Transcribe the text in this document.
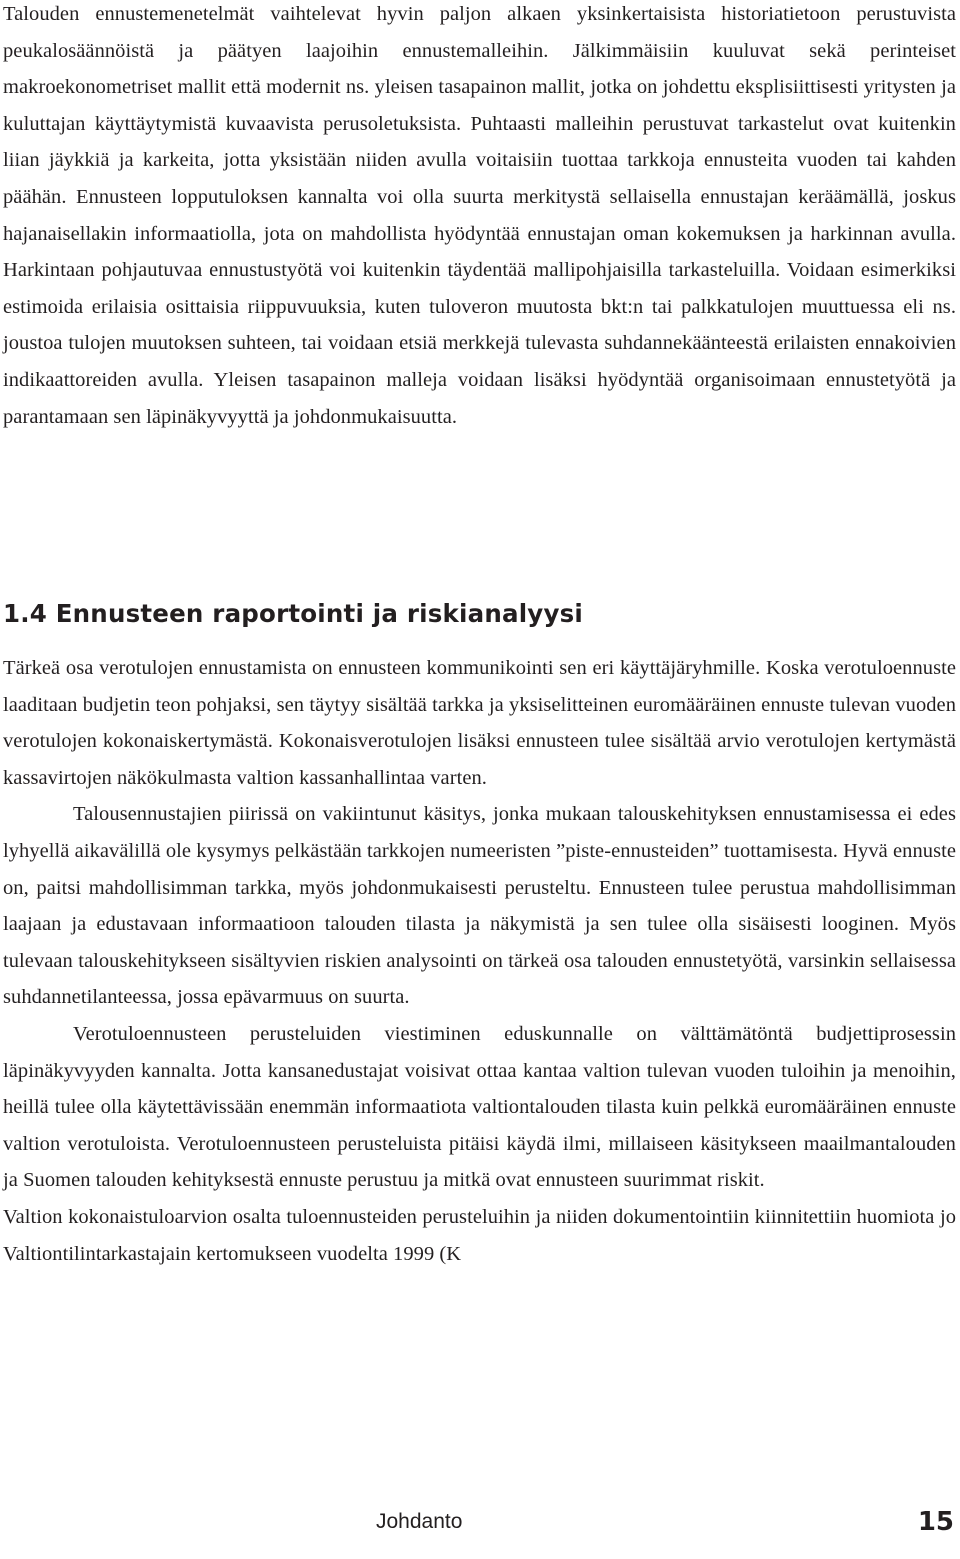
Talouden ennustemenetelmät vaihtelevat hyvin paljon alkaen yksinkertaisista historiatietoon perustuvista peukalosäännöistä ja päätyen laajoihin ennustemalleihin. Jälkimmäisiin kuuluvat sekä perinteiset makroekonometriset mallit että modernit ns. yleisen tasapainon mallit, jotka on johdettu eksplisiittisesti yritysten ja kuluttajan käyttäytymistä kuvaavista perusoletuksista. Puhtaasti malleihin perustuvat tarkastelut ovat kuitenkin liian jäykkiä ja karkeita, jotta yksistään niiden avulla voitaisiin tuottaa tarkkoja ennusteita vuoden tai kahden päähän. Ennusteen lopputuloksen kannalta voi olla suurta merkitystä sellaisella ennustajan keräämällä, joskus hajanaisellakin informaatiolla, jota on mahdollista hyödyntää ennustajan oman kokemuksen ja harkinnan avulla. Harkintaan pohjautuvaa ennustustyötä voi kuitenkin täydentää mallipohjaisilla tarkasteluilla. Voidaan esimerkiksi estimoida erilaisia osittaisia riippuvuuksia, kuten tuloveron muutosta bkt:n tai palkkatulojen muuttuessa eli ns. joustoa tulojen muutoksen suhteen, tai voidaan etsiä merkkejä tulevasta suhdannekäänteestä erilaisten ennakoivien indikaattoreiden avulla. Yleisen tasapainon malleja voidaan lisäksi hyödyntää organisoimaan ennustetyötä ja parantamaan sen läpinäkyvyyttä ja johdonmukaisuutta.

1.4 Ennusteen raportointi ja riskianalyysi

Tärkeä osa verotulojen ennustamista on ennusteen kommunikointi sen eri käyttäjäryhmille. Koska verotuloennuste laaditaan budjetin teon pohjaksi, sen täytyy sisältää tarkka ja yksiselitteinen euromääräinen ennuste tulevan vuoden verotulojen kokonaiskertymästä. Kokonaisverotulojen lisäksi ennusteen tulee sisältää arvio verotulojen kertymästä kassavirtojen näkökulmasta valtion kassanhallintaa varten.

Talousennustajien piirissä on vakiintunut käsitys, jonka mukaan talouskehityksen ennustamisessa ei edes lyhyellä aikavälillä ole kysymys pelkästään tarkkojen numeeristen ”piste-ennusteiden” tuottamisesta. Hyvä ennuste on, paitsi mahdollisimman tarkka, myös johdonmukaisesti perusteltu. Ennusteen tulee perustua mahdollisimman laajaan ja edustavaan informaatioon talouden tilasta ja näkymistä ja sen tulee olla sisäisesti looginen. Myös tulevaan talouskehitykseen sisältyvien riskien analysointi on tärkeä osa talouden ennustetyötä, varsinkin sellaisessa suhdannetilanteessa, jossa epävarmuus on suurta.

Verotuloennusteen perusteluiden viestiminen eduskunnalle on välttämätöntä budjettiprosessin läpinäkyvyyden kannalta. Jotta kansanedustajat voisivat ottaa kantaa valtion tulevan vuoden tuloihin ja menoihin, heillä tulee olla käytettävissään enemmän informaatiota valtiontalouden tilasta kuin pelkkä euromääräinen ennuste valtion verotuloista. Verotuloennusteen perusteluista pitäisi käydä ilmi, millaiseen käsitykseen maailmantalouden ja Suomen talouden kehityksestä ennuste perustuu ja mitkä ovat ennusteen suurimmat riskit.

Valtion kokonaistuloarvion osalta tuloennusteiden perusteluihin ja niiden dokumentointiin kiinnitettiin huomiota jo Valtiontilintarkastajain kertomukseen vuodelta 1999 (K

Johdanto	15
